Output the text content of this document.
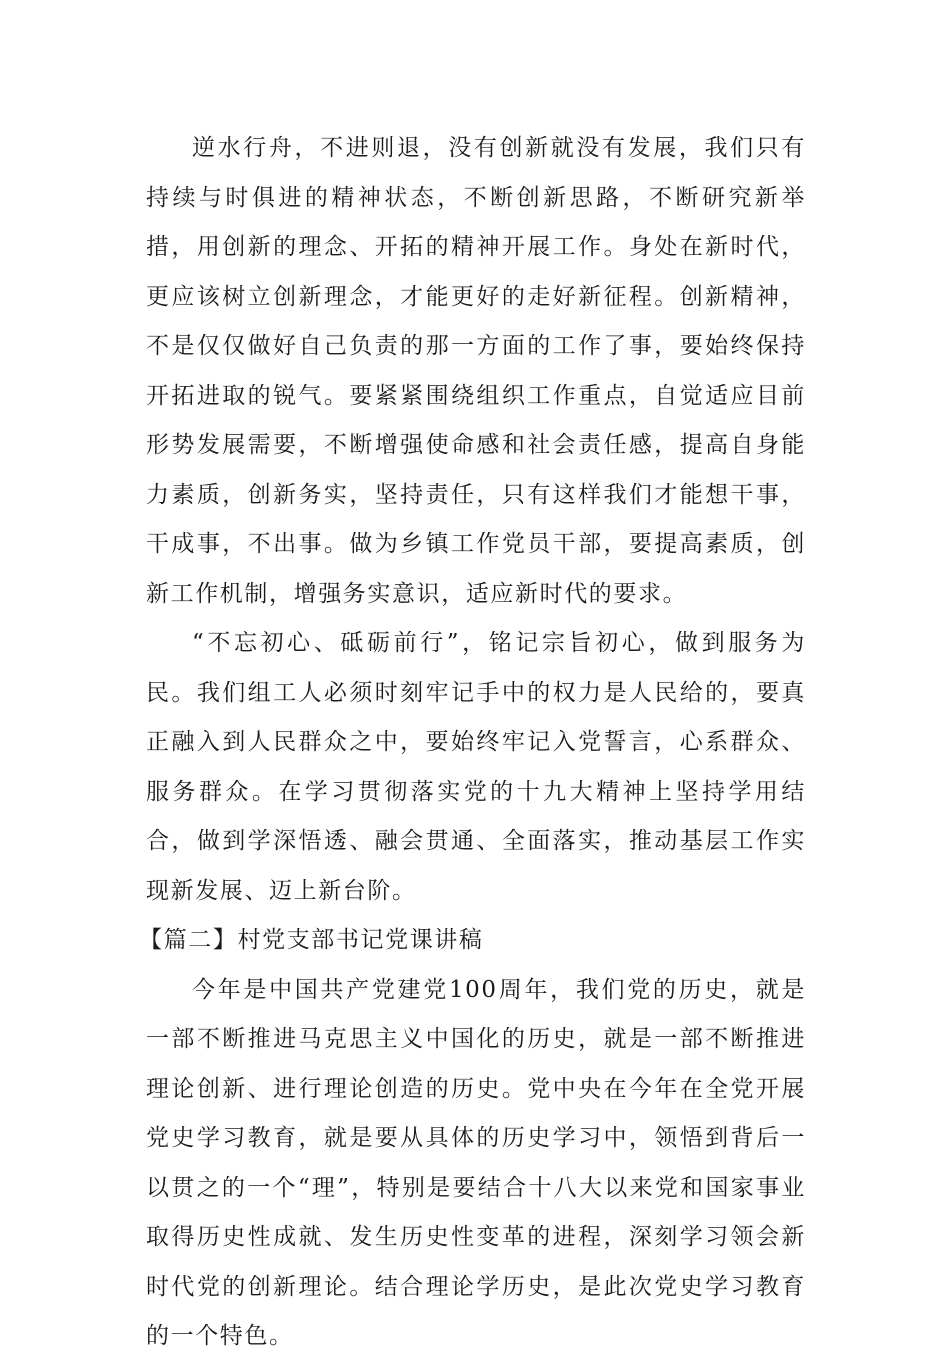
逆水行舟，不进则退，没有创新就没有发展，我们只有持续与时俱进的精神状态，不断创新思路，不断研究新举措，用创新的理念、开拓的精神开展工作。身处在新时代，更应该树立创新理念，才能更好的走好新征程。创新精神，不是仅仅做好自己负责的那一方面的工作了事，要始终保持开拓进取的锐气。要紧紧围绕组织工作重点，自觉适应目前形势发展需要，不断增强使命感和社会责任感，提高自身能力素质，创新务实，坚持责任，只有这样我们才能想干事，干成事，不出事。做为乡镇工作党员干部，要提高素质，创新工作机制，增强务实意识，适应新时代的要求。

“不忘初心、砥砺前行”，铭记宗旨初心，做到服务为民。我们组工人必须时刻牢记手中的权力是人民给的，要真正融入到人民群众之中，要始终牢记入党誓言，心系群众、服务群众。在学习贯彻落实党的十九大精神上坚持学用结合，做到学深悟透、融会贯通、全面落实，推动基层工作实现新发展、迈上新台阶。

【篇二】村党支部书记党课讲稿

今年是中国共产党建党100周年，我们党的历史，就是一部不断推进马克思主义中国化的历史，就是一部不断推进理论创新、进行理论创造的历史。党中央在今年在全党开展党史学习教育，就是要从具体的历史学习中，领悟到背后一以贯之的一个“理”，特别是要结合十八大以来党和国家事业取得历史性成就、发生历史性变革的进程，深刻学习领会新时代党的创新理论。结合理论学历史，是此次党史学习教育的一个特色。
